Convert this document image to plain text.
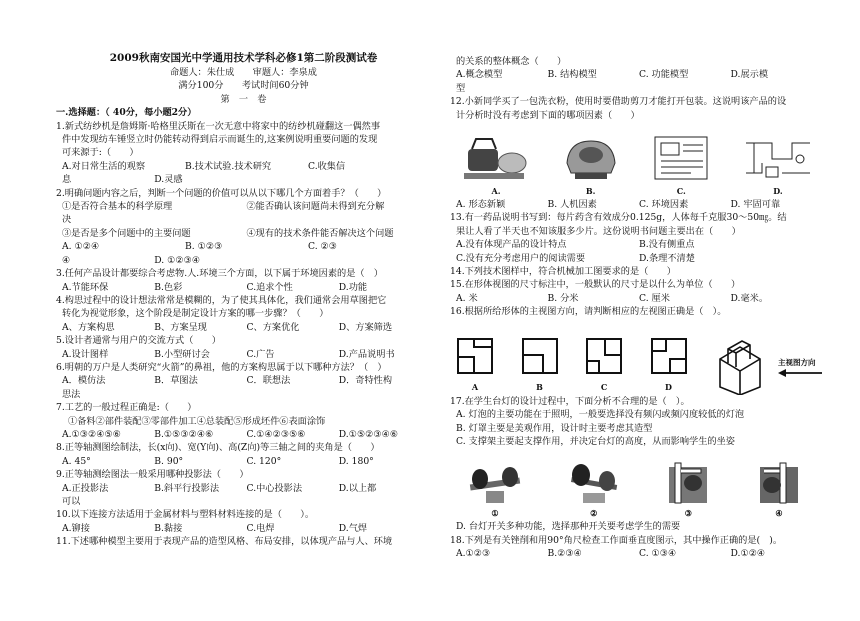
2009秋南安国光中学通用技术学科必修1第二阶段测试卷
命题人：朱仕成　　审题人：李泉成
满分100分　　考试时间60分钟
第　一　卷
一.选择题：（ 40分，每小题2分）
1.新式纺纱机是詹姆斯·哈格里沃斯在一次无意中将家中的纺纱机碰翻这一偶然事
件中发现纺车锤竖立时仍能转动得到启示而诞生的,这案例说明重要问题的发现
可来源于:（　　）
A.对日常生活的观察	B.技术试验.技术研究	C.收集信
息	D.灵感
2.明确问题内容之后，判断一个问题的价值可以从以下哪几个方面着手？（　　）
①是否符合基本的科学原理	②能否确认该问题尚未得到充分解
决
③是否是多个问题中的主要问题	④现有的技术条件能否解决这个问题
A. ①②④	B. ①②③	C. ②③
④	D. ①②③④
3.任何产品设计都要综合考虑物.人.环境三个方面，以下属于环境因素的是（　）
A.节能环保	B.色彩	C.追求个性	D.功能
4.构思过程中的设计想法常常是模糊的，为了使其具体化，我们通常会用草图把它
转化为视觉形象，这个阶段是制定设计方案的哪一步骤？（　　）
A、方案构思	B、方案呈现	C、方案优化	D、方案筛选
5.设计者通常与用户的交流方式（　　）
A.设计图样	B.小型研讨会	C.广告	D.产品说明书
6.明朝的万户是人类研究“火箭”的鼻祖，他的方案构思属于以下哪种方法？（　）
A．模仿法	B．草图法	C．联想法	D．奇特性构
思法
7.工艺的一般过程正确是:（　　）
①备料②部件装配③零部件加工④总装配⑤形成坯件⑥表面涂饰
A.①③②④⑤⑥	B.①⑤③②④⑥	C.①④②③⑤⑥	D.①⑤②③④⑥
8.正等轴测图绘制法，长(x向)、宽(Y向)、高(Z向)等三轴之间的夹角是（　　）
A. 45°	B. 90°	C. 120°	D. 180°
9.正等轴测绘图法一般采用哪种投影法（　　）
A.正投影法	B.斜平行投影法	C.中心投影法	D.以上都
可以
10.以下连接方法适用于金属材料与塑料材料连接的是（　　）。
A.铆接	B.黏接	C.电焊	D.气焊
11.下述哪种模型主要用于表现产品的造型风格、布局安排，以体现产品与人、环境
的关系的整体概念（　　）
A.概念模型	B. 结构模型	C. 功能模型	D.展示模
型
12.小新同学买了一包洗衣粉，使用时要借助剪刀才能打开包装。这说明该产品的设
计分析时没有考虑到下面的哪项因素（　　）
A.	B.	C.	D.
A. 形态新颖	B. 人机因素	C. 环境因素	D. 牢固可靠
13.有一药品说明书写到：每片药含有效成分0.125g，人体每千克服30～50㎎。结
果让人看了半天也不知该服多少片。这份说明书问题主要出在（　　）
A.没有体现产品的设计特点	B.没有侧重点
C.没有充分考虑用户的阅读需要	D.条理不清楚
14.下列技术图样中，符合机械加工图要求的是（　　）
15.在形体视图的尺寸标注中，一般默认的尺寸是以什么为单位（　　）
A. 米	B. 分米	C. 厘米	D.毫米。
16.根据所给形体的主视图方向，请判断相应的左视图正确是（　）。
A	B	C	D
主视图方向
17.在学生台灯的设计过程中，下面分析不合理的是（　）。
A. 灯泡的主要功能在于照明，一般要选择没有频闪或频闪度较低的灯泡
B. 灯罩主要是美观作用，设计时主要考虑其造型
C. 支撑架主要起支撑作用，并决定台灯的高度，从而影响学生的坐姿
①	②	③	④
D. 台灯开关多种功能，选择那种开关要考虑学生的需要
18.下列是有关锉削和用90°角尺检查工作面垂直度图示，其中操作正确的是(　)。
A.①②③	B.②③④	C. ①③④	D.①②④
